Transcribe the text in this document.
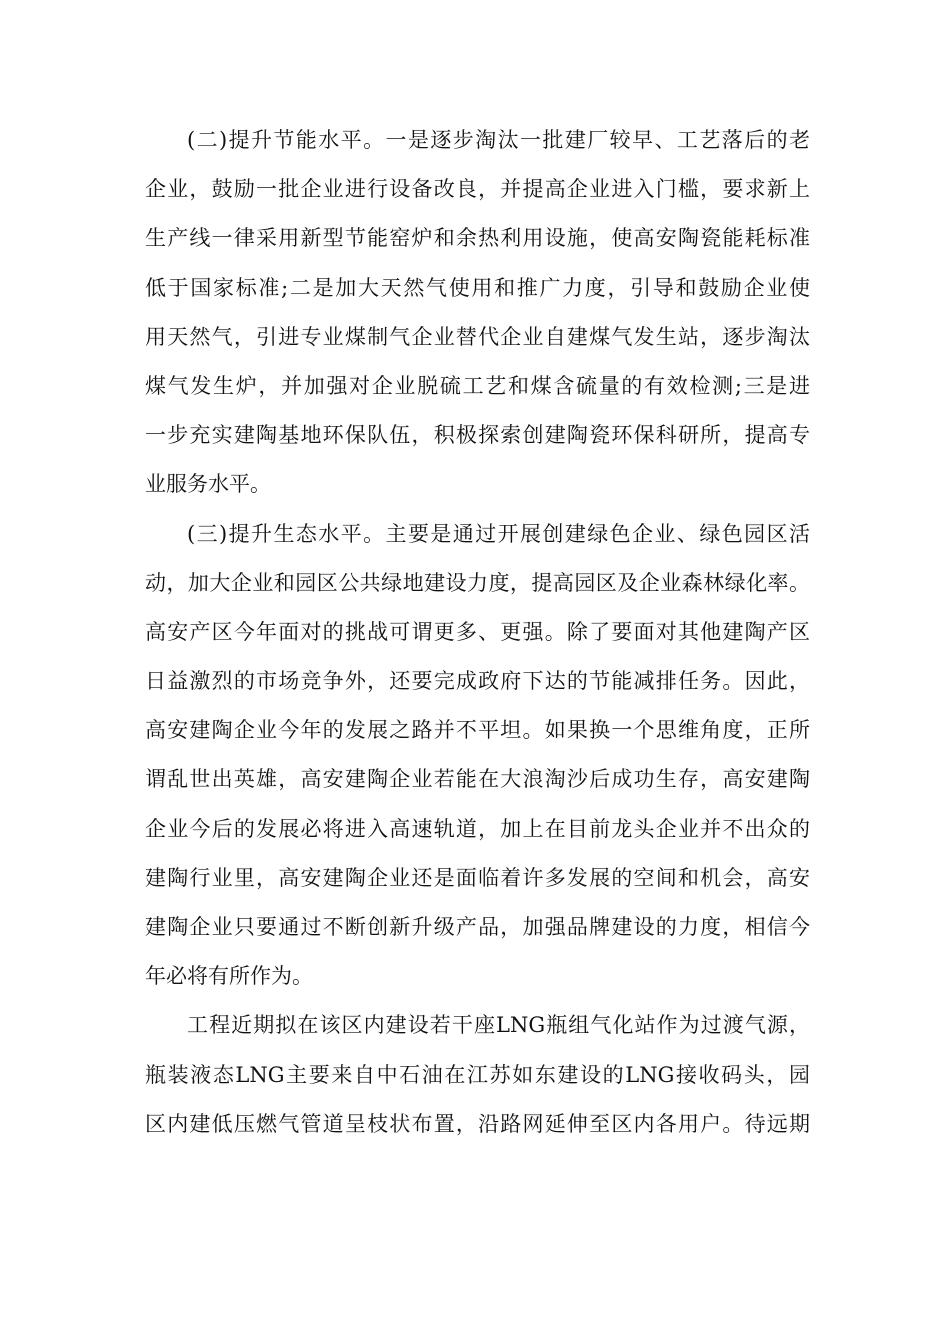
(二)提升节能水平。一是逐步淘汰一批建厂较早、工艺落后的老
企业，鼓励一批企业进行设备改良，并提高企业进入门槛，要求新上
生产线一律采用新型节能窑炉和余热利用设施，使高安陶瓷能耗标准
低于国家标准;二是加大天然气使用和推广力度，引导和鼓励企业使
用天然气，引进专业煤制气企业替代企业自建煤气发生站，逐步淘汰
煤气发生炉，并加强对企业脱硫工艺和煤含硫量的有效检测;三是进
一步充实建陶基地环保队伍，积极探索创建陶瓷环保科研所，提高专
业服务水平。
(三)提升生态水平。主要是通过开展创建绿色企业、绿色园区活
动，加大企业和园区公共绿地建设力度，提高园区及企业森林绿化率。
高安产区今年面对的挑战可谓更多、更强。除了要面对其他建陶产区
日益激烈的市场竞争外，还要完成政府下达的节能减排任务。因此，
高安建陶企业今年的发展之路并不平坦。如果换一个思维角度，正所
谓乱世出英雄，高安建陶企业若能在大浪淘沙后成功生存，高安建陶
企业今后的发展必将进入高速轨道，加上在目前龙头企业并不出众的
建陶行业里，高安建陶企业还是面临着许多发展的空间和机会，高安
建陶企业只要通过不断创新升级产品，加强品牌建设的力度，相信今
年必将有所作为。
工程近期拟在该区内建设若干座LNG瓶组气化站作为过渡气源，
瓶装液态LNG主要来自中石油在江苏如东建设的LNG接收码头，园
区内建低压燃气管道呈枝状布置，沿路网延伸至区内各用户。待远期
